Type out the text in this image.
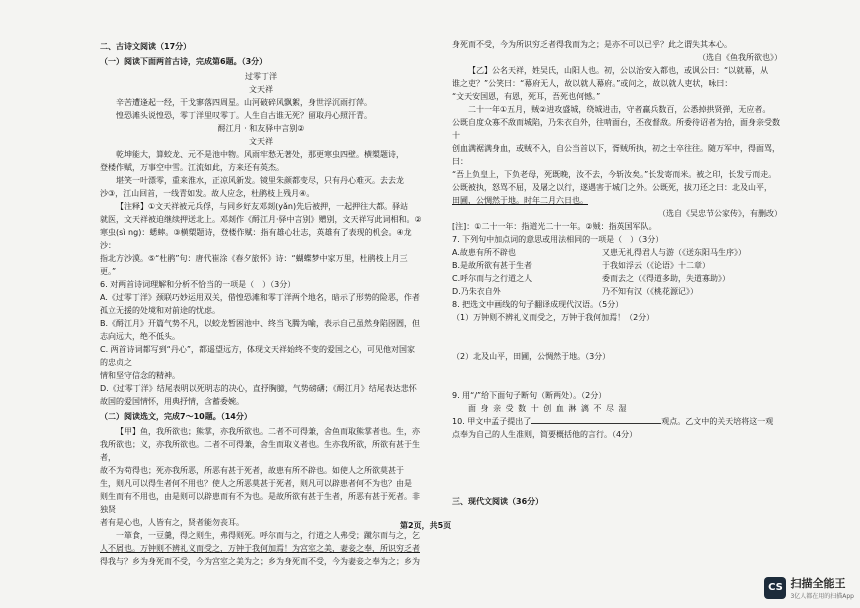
二、古诗文阅读（17分）

（一）阅读下面两首古诗，完成第6题。（3分）

过零丁洋

文天祥

辛苦遭逢起一经，干戈寥落四周星。山河破碎风飘絮，身世浮沉雨打萍。

惶恐滩头说惶恐，零丁洋里叹零丁。人生自古谁无死？留取丹心照汗青。

酹江月 · 和友驿中言别②

文天祥

乾坤能大，算蛟龙、元不是池中物。风雨牢愁无著处，那更寒虫四壁。横槊题诗，

登楼作赋，万事空中雪。江流如此，方来还有英杰。

堪笑一叶漂零，重来淮水，正凉风新发。镜里朱颜都变尽，只有丹心难灭。去去龙

沙③，江山回首，一线青如发。故人应念，杜鹃枝上残月④。

【注释】①文天祥被元兵俘，与同乡好友邓剡(yǎn)先后被押，一起押往大都。驿站

就医，文天祥被迫继续押送北上。邓剡作《酹江月·驿中言别》赠别，文天祥写此词相和。②

寒虫(sì ng)：蟋蟀。③横槊题诗，登楼作赋：指有雄心壮志，英雄有了表现的机会。④龙沙：

指北方沙漠。⑤“杜鹃”句：唐代崔涂《春夕旅怀》诗：“蝴蝶梦中家万里，杜鹃枝上月三更。”

6. 对两首诗词理解和分析不恰当的一项是（　）（3分）

A.《过零丁洋》颈联巧妙运用双关，借惶恐滩和零丁洋两个地名，暗示了形势的险恶，作者

孤立无援的处境和对前途的忧虑。

B.《酹江月》开篇气势不凡，以蛟龙暂困池中、终当飞腾为喻，表示自己虽然身陷囹圄，但

志向远大，绝不低头。

C. 两首诗词都写到“丹心”，都遥望远方，体现文天祥始终不变的爱国之心，可见他对国家的忠贞之

情和坚守信念的精神。

D.《过零丁洋》结尾表明以死明志的决心，直抒胸臆，气势磅礴；《酹江月》结尾表达悲怀

故国的爱国情怀，用典抒情，含蓄委婉。

（二）阅读选文，完成7～10题。（14分）

【甲】鱼，我所欲也；熊掌，亦我所欲也。二者不可得兼，舍鱼而取熊掌者也。生，亦

我所欲也；义，亦我所欲也。二者不可得兼，舍生而取义者也。生亦我所欲，所欲有甚于生者，

故不为苟得也；死亦我所恶，所恶有甚于死者，故患有所不辟也。如使人之所欲莫甚于

生，则凡可以得生者何不用也？使人之所恶莫甚于死者，则凡可以辟患者何不为也？由是

则生而有不用也，由是则可以辟患而有不为也。是故所欲有甚于生者，所恶有甚于死者。非独贤

者有是心也，人皆有之，贤者能勿丧耳。

一箪食，一豆羹，得之则生，弗得则死。呼尔而与之，行道之人弗受；蹴尔而与之，乞

人不屑也。万钟则不辨礼义而受之，万钟于我何加焉！为宫室之美，妻妾之奉，所识穷乏者

得我与？乡为身死而不受，今为宫室之美为之；乡为身死而不受，今为妻妾之奉为之；乡为

身死而不受，今为所识穷乏者得我而为之；是亦不可以已乎？此之谓失其本心。

（选自《鱼我所欲也》）

【乙】公名天祥，姓吴氏，山阳人也。初，公以治安入都也，或讽公曰：“以就幕，从

谁之吏？”公笑曰：“幕府无人，故以就人幕府。”或问之，故以就人吏状，咏曰：

“文天安国恩，有恩，死耳，吾死也何憾。”

二十一年①五月，贼②进攻盛城，绕城进击，守者羸兵数百，公悉掉拱贤弹，无应者。

公既自度众寡不敌而城陷，乃朱衣自外，往啃面台，丕夜督敌。所委待诏者为拾，面身亲受数十

创血满裾满身血，或贼不入，自公当首以下，胥贼所执，初之士卒往往。随万军中，得面骂，曰：

“吾上负皇上，下负老母，死既晚，汝不去，今斩汝矣。”长发寄而米。被之印，长发亏而走。

公既被执，怒骂不屈，及屠之以行，遂遇害于城门之外。公既死，拔刀还之曰：北及山平，

田圃，公惆然于地。时年二月六日也。

（选自《吴忠节公家传》，有删改）

[注]：①二十一年：指道光二十一年。②贼：指英国军队。

7. 下列句中加点词的意思或用法相同的一项是（　）（3分）

A.故患有所不辟也	又患无礼得君人与游（《送东阳马生序》）
B.是故所欲有甚于生者	于我如浮云（《论语》十二章）
C.呼尔而与之行道之人	委而去之（《得道多助，失道寡助》）
D.乃朱衣自外	乃不知有汉（《桃花源记》）

8. 把选文中画线的句子翻译成现代汉语。（5分）

（1）万钟则不辨礼义而受之，万钟于我何加焉！（2分）

（2）北及山平，田圃，公惆然于地。（3分）

9. 用“/”给下面句子断句（断两处）。（2分）

面 身 亲 受 数 十 创 血 淋 漓 不 尽 湿

10. 甲文中孟子提出了	观点。乙文中的关天培将这一观

点奉为自己的人生准则，简要概括他的言行。（4分）

三、现代文阅读（36分）

第2页，共5页
CS 扫描全能王
3亿人都在用的扫描App
